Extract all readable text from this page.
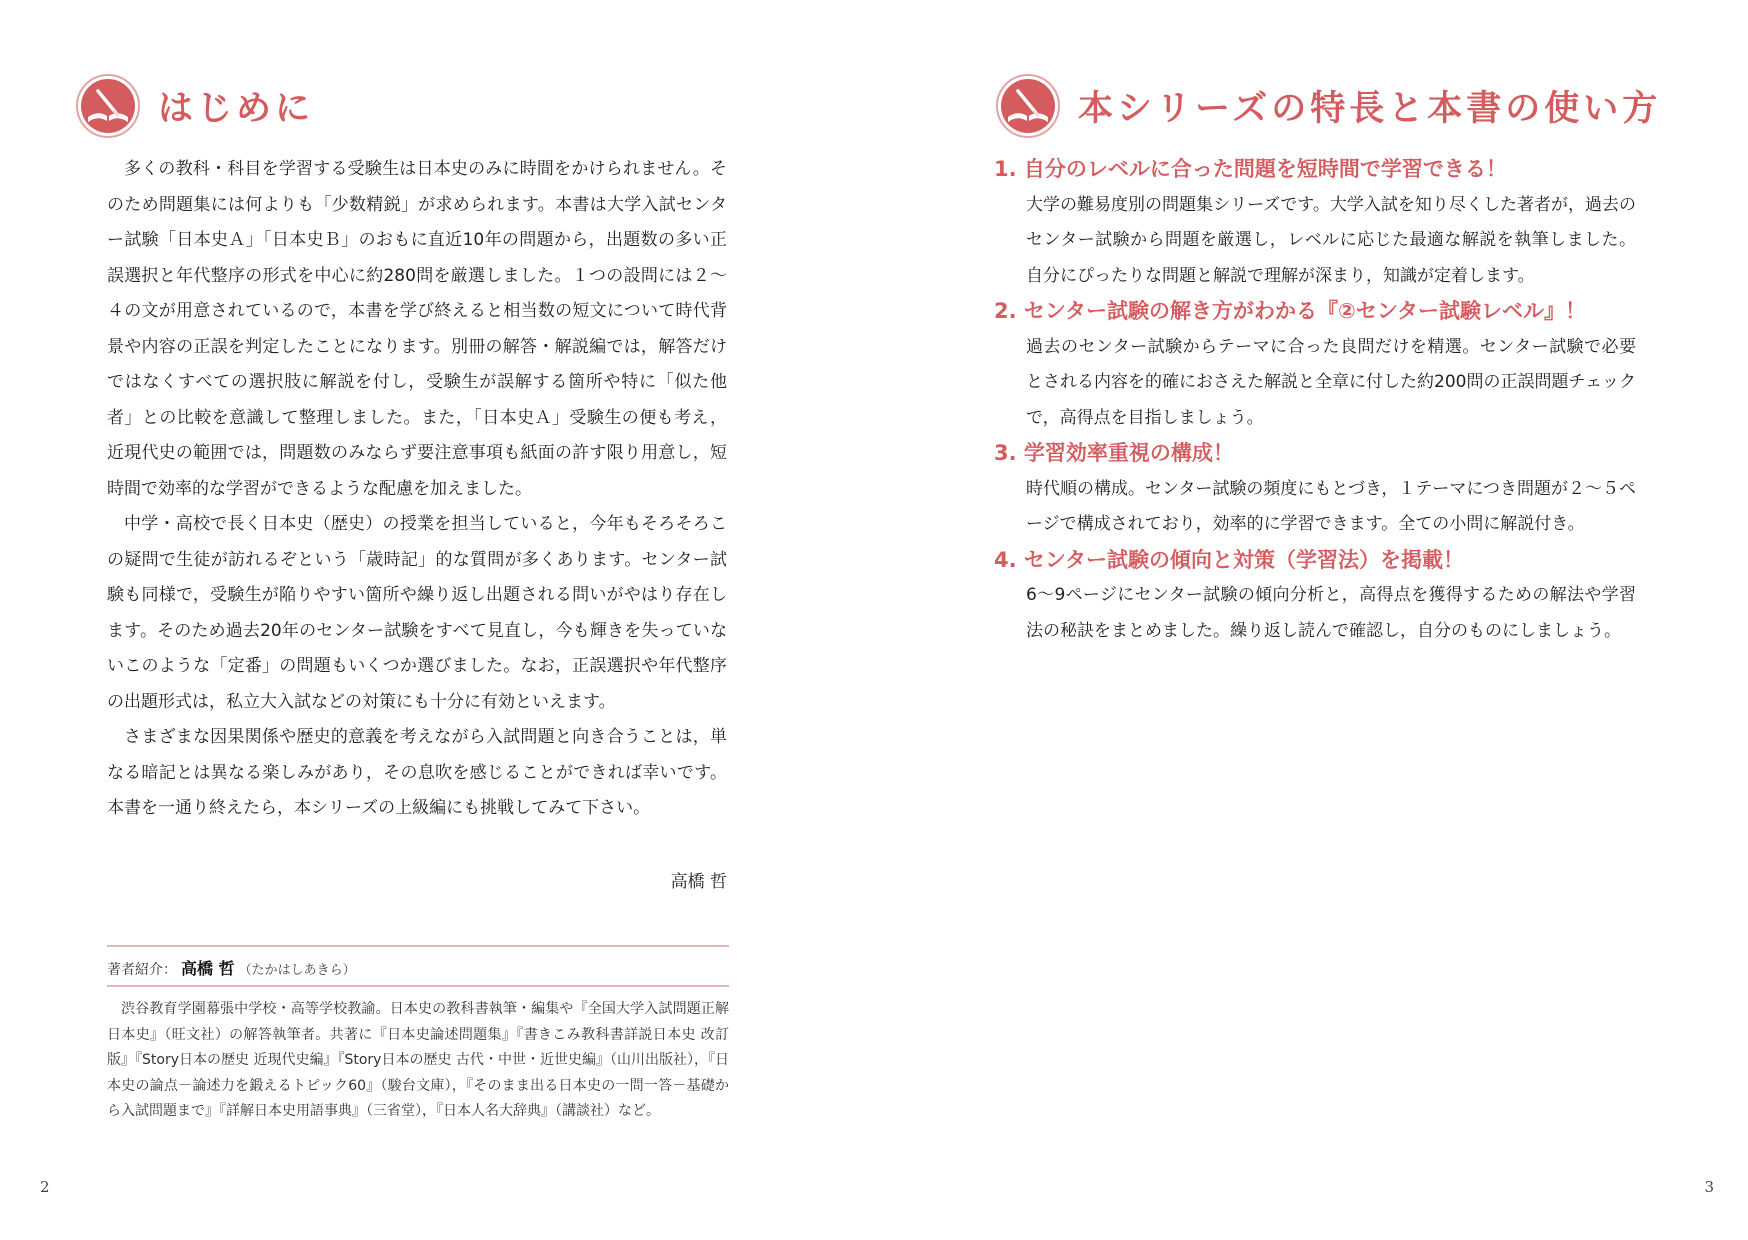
はじめに

多くの教科・科目を学習する受験生は日本史のみに時間をかけられません。そのため問題集には何よりも「少数精鋭」が求められます。本書は大学入試センター試験「日本史Ａ」「日本史Ｂ」のおもに直近10年の問題から，出題数の多い正誤選択と年代整序の形式を中心に約280問を厳選しました。１つの設問には２～４の文が用意されているので，本書を学び終えると相当数の短文について時代背景や内容の正誤を判定したことになります。別冊の解答・解説編では，解答だけではなくすべての選択肢に解説を付し，受験生が誤解する箇所や特に「似た他者」との比較を意識して整理しました。また，「日本史Ａ」受験生の便も考え，近現代史の範囲では，問題数のみならず要注意事項も紙面の許す限り用意し，短時間で効率的な学習ができるような配慮を加えました。

中学・高校で長く日本史（歴史）の授業を担当していると，今年もそろそろこの疑問で生徒が訪れるぞという「歳時記」的な質問が多くあります。センター試験も同様で，受験生が陥りやすい箇所や繰り返し出題される問いがやはり存在します。そのため過去20年のセンター試験をすべて見直し，今も輝きを失っていないこのような「定番」の問題もいくつか選びました。なお，正誤選択や年代整序の出題形式は，私立大入試などの対策にも十分に有効といえます。

さまざまな因果関係や歴史的意義を考えながら入試問題と向き合うことは，単なる暗記とは異なる楽しみがあり，その息吹を感じることができれば幸いです。本書を一通り終えたら，本シリーズの上級編にも挑戦してみて下さい。

高橋 哲
著者紹介： 高橋 哲 （たかはしあきら）
渋谷教育学園幕張中学校・高等学校教諭。日本史の教科書執筆・編集や『全国大学入試問題正解 日本史』（旺文社）の解答執筆者。共著に『日本史論述問題集』『書きこみ教科書詳説日本史 改訂版』『Story日本の歴史 近現代史編』『Story日本の歴史 古代・中世・近世史編』（山川出版社），『日本史の論点－論述力を鍛えるトピック60』（駿台文庫），『そのまま出る日本史の一問一答－基礎から入試問題まで』『詳解日本史用語事典』（三省堂），『日本人名大辞典』（講談社）など。
2
本シリーズの特長と本書の使い方
1. 自分のレベルに合った問題を短時間で学習できる！
大学の難易度別の問題集シリーズです。大学入試を知り尽くした著者が，過去のセンター試験から問題を厳選し，レベルに応じた最適な解説を執筆しました。自分にぴったりな問題と解説で理解が深まり，知識が定着します。
2. センター試験の解き方がわかる『②センター試験レベル』！
過去のセンター試験からテーマに合った良問だけを精選。センター試験で必要とされる内容を的確におさえた解説と全章に付した約200問の正誤問題チェックで，高得点を目指しましょう。
3. 学習効率重視の構成！
時代順の構成。センター試験の頻度にもとづき，１テーマにつき問題が２～５ページで構成されており，効率的に学習できます。全ての小問に解説付き。
4. センター試験の傾向と対策（学習法）を掲載！
6～9ページにセンター試験の傾向分析と，高得点を獲得するための解法や学習法の秘訣をまとめました。繰り返し読んで確認し，自分のものにしましょう。
3
